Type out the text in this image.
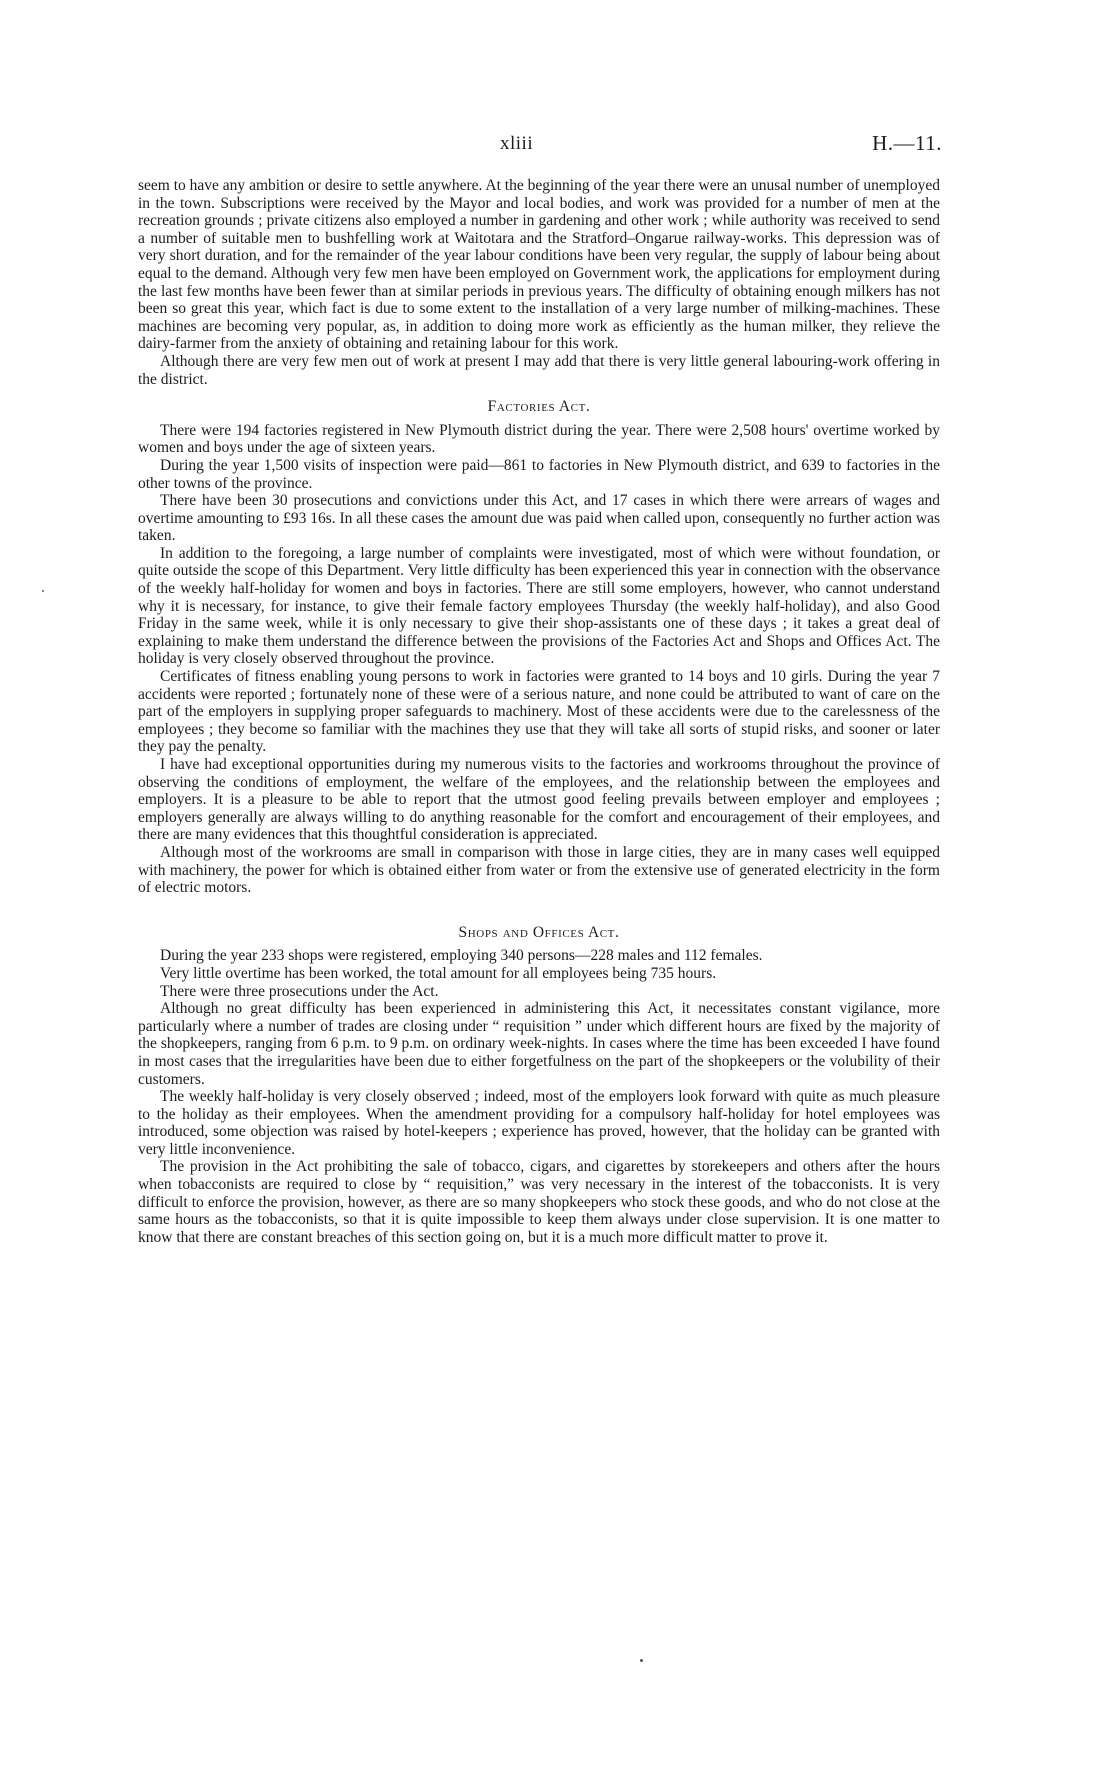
xliii	H.—11.

seem to have any ambition or desire to settle anywhere. At the beginning of the year there were an unusal number of unemployed in the town. Subscriptions were received by the Mayor and local bodies, and work was provided for a number of men at the recreation grounds ; private citizens also employed a number in gardening and other work ; while authority was received to send a number of suitable men to bushfelling work at Waitotara and the Stratford–Ongarue railway-works. This depression was of very short duration, and for the remainder of the year labour conditions have been very regular, the supply of labour being about equal to the demand. Although very few men have been employed on Government work, the applications for employment during the last few months have been fewer than at similar periods in previous years. The difficulty of obtaining enough milkers has not been so great this year, which fact is due to some extent to the installation of a very large number of milking-machines. These machines are becoming very popular, as, in addition to doing more work as efficiently as the human milker, they relieve the dairy-farmer from the anxiety of obtaining and retaining labour for this work.

Although there are very few men out of work at present I may add that there is very little general labouring-work offering in the district.

Factories Act.

There were 194 factories registered in New Plymouth district during the year. There were 2,508 hours' overtime worked by women and boys under the age of sixteen years.

During the year 1,500 visits of inspection were paid—861 to factories in New Plymouth district, and 639 to factories in the other towns of the province.

There have been 30 prosecutions and convictions under this Act, and 17 cases in which there were arrears of wages and overtime amounting to £93 16s. In all these cases the amount due was paid when called upon, consequently no further action was taken.

In addition to the foregoing, a large number of complaints were investigated, most of which were without foundation, or quite outside the scope of this Department. Very little difficulty has been experienced this year in connection with the observance of the weekly half-holiday for women and boys in factories. There are still some employers, however, who cannot understand why it is necessary, for instance, to give their female factory employees Thursday (the weekly half-holiday), and also Good Friday in the same week, while it is only necessary to give their shop-assistants one of these days ; it takes a great deal of explaining to make them understand the difference between the provisions of the Factories Act and Shops and Offices Act. The holiday is very closely observed throughout the province.

Certificates of fitness enabling young persons to work in factories were granted to 14 boys and 10 girls. During the year 7 accidents were reported ; fortunately none of these were of a serious nature, and none could be attributed to want of care on the part of the employers in supplying proper safeguards to machinery. Most of these accidents were due to the carelessness of the employees ; they become so familiar with the machines they use that they will take all sorts of stupid risks, and sooner or later they pay the penalty.

I have had exceptional opportunities during my numerous visits to the factories and workrooms throughout the province of observing the conditions of employment, the welfare of the employees, and the relationship between the employees and employers. It is a pleasure to be able to report that the utmost good feeling prevails between employer and employees ; employers generally are always willing to do anything reasonable for the comfort and encouragement of their employees, and there are many evidences that this thoughtful consideration is appreciated.

Although most of the workrooms are small in comparison with those in large cities, they are in many cases well equipped with machinery, the power for which is obtained either from water or from the extensive use of generated electricity in the form of electric motors.

Shops and Offices Act.

During the year 233 shops were registered, employing 340 persons—228 males and 112 females.

Very little overtime has been worked, the total amount for all employees being 735 hours.

There were three prosecutions under the Act.

Although no great difficulty has been experienced in administering this Act, it necessitates constant vigilance, more particularly where a number of trades are closing under “ requisition ” under which different hours are fixed by the majority of the shopkeepers, ranging from 6 p.m. to 9 p.m. on ordinary week-nights. In cases where the time has been exceeded I have found in most cases that the irregularities have been due to either forgetfulness on the part of the shopkeepers or the volubility of their customers.

The weekly half-holiday is very closely observed ; indeed, most of the employers look forward with quite as much pleasure to the holiday as their employees. When the amendment providing for a compulsory half-holiday for hotel employees was introduced, some objection was raised by hotel-keepers ; experience has proved, however, that the holiday can be granted with very little inconvenience.

The provision in the Act prohibiting the sale of tobacco, cigars, and cigarettes by storekeepers and others after the hours when tobacconists are required to close by “ requisition,” was very necessary in the interest of the tobacconists. It is very difficult to enforce the provision, however, as there are so many shopkeepers who stock these goods, and who do not close at the same hours as the tobacconists, so that it is quite impossible to keep them always under close supervision. It is one matter to know that there are constant breaches of this section going on, but it is a much more difficult matter to prove it.
